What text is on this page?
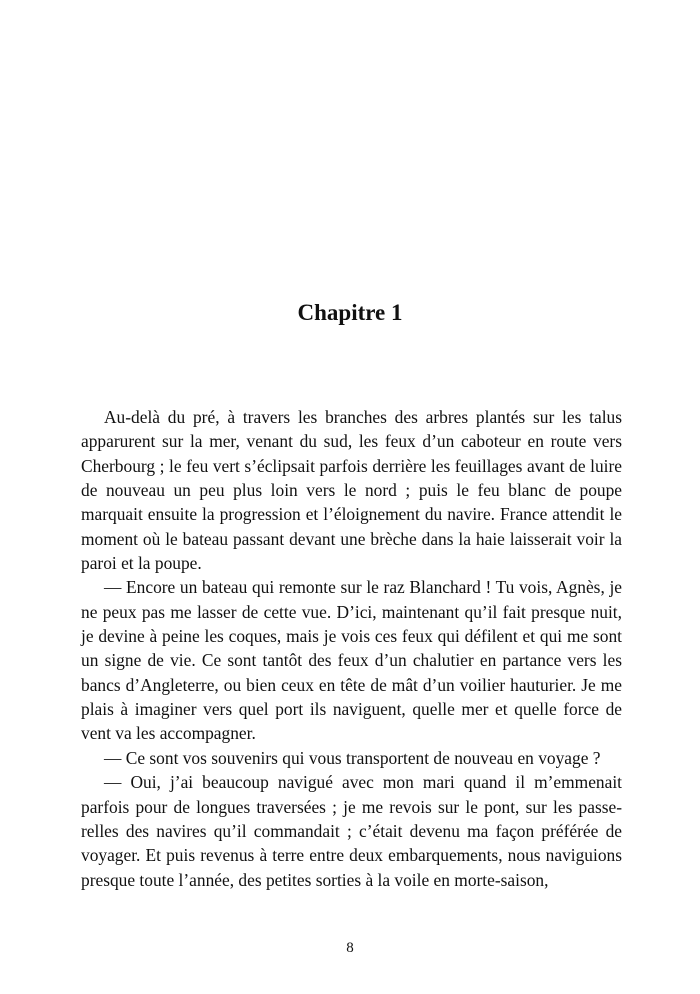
Chapitre 1

Au-delà du pré, à travers les branches des arbres plantés sur les talus apparurent sur la mer, venant du sud, les feux d’un caboteur en route vers Cherbourg ; le feu vert s’éclipsait parfois derrière les feuillages avant de luire de nouveau un peu plus loin vers le nord ; puis le feu blanc de poupe marquait ensuite la progression et l’éloignement du navire. France attendit le moment où le bateau passant devant une brèche dans la haie laisserait voir la paroi et la poupe.

— Encore un bateau qui remonte sur le raz Blanchard ! Tu vois, Agnès, je ne peux pas me lasser de cette vue. D’ici, maintenant qu’il fait presque nuit, je devine à peine les coques, mais je vois ces feux qui défilent et qui me sont un signe de vie. Ce sont tantôt des feux d’un chalutier en partance vers les bancs d’Angleterre, ou bien ceux en tête de mât d’un voilier hauturier. Je me plais à imaginer vers quel port ils naviguent, quelle mer et quelle force de vent va les accompagner.

— Ce sont vos souvenirs qui vous transportent de nouveau en voyage ?

— Oui, j’ai beaucoup navigué avec mon mari quand il m’emmenait parfois pour de longues traversées ; je me revois sur le pont, sur les passerelles des navires qu’il commandait ; c’était devenu ma façon préférée de voyager. Et puis revenus à terre entre deux embarquements, nous naviguions presque toute l’année, des petites sorties à la voile en morte-saison,

8
